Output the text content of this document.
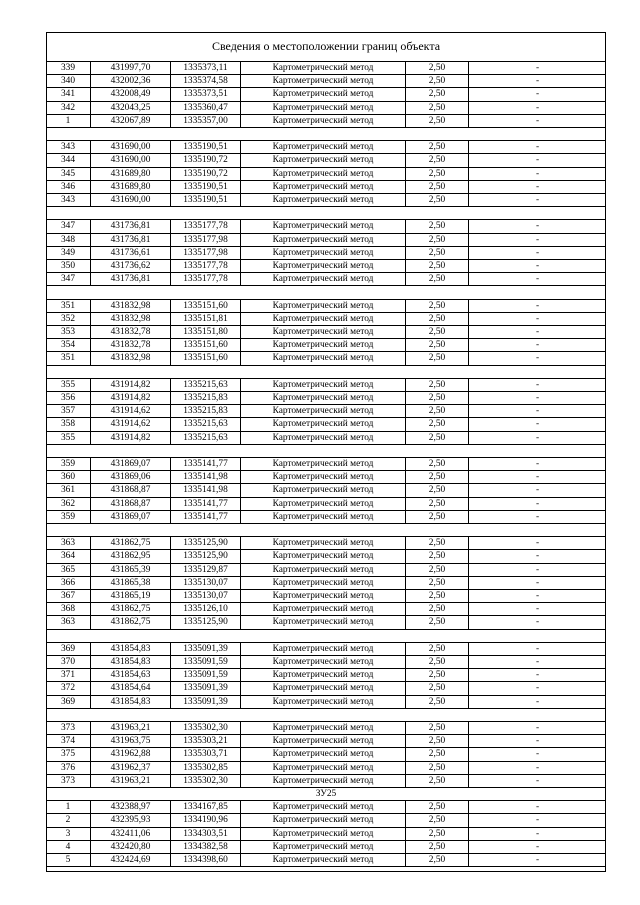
Сведения о местоположении границ объекта
339	431997,70	1335373,11	Картометрический метод	2,50	-
340	432002,36	1335374,58	Картометрический метод	2,50	-
341	432008,49	1335373,51	Картометрический метод	2,50	-
342	432043,25	1335360,47	Картометрический метод	2,50	-
1	432067,89	1335357,00	Картометрический метод	2,50	-
343	431690,00	1335190,51	Картометрический метод	2,50	-
344	431690,00	1335190,72	Картометрический метод	2,50	-
345	431689,80	1335190,72	Картометрический метод	2,50	-
346	431689,80	1335190,51	Картометрический метод	2,50	-
343	431690,00	1335190,51	Картометрический метод	2,50	-
347	431736,81	1335177,78	Картометрический метод	2,50	-
348	431736,81	1335177,98	Картометрический метод	2,50	-
349	431736,61	1335177,98	Картометрический метод	2,50	-
350	431736,62	1335177,78	Картометрический метод	2,50	-
347	431736,81	1335177,78	Картометрический метод	2,50	-
351	431832,98	1335151,60	Картометрический метод	2,50	-
352	431832,98	1335151,81	Картометрический метод	2,50	-
353	431832,78	1335151,80	Картометрический метод	2,50	-
354	431832,78	1335151,60	Картометрический метод	2,50	-
351	431832,98	1335151,60	Картометрический метод	2,50	-
355	431914,82	1335215,63	Картометрический метод	2,50	-
356	431914,82	1335215,83	Картометрический метод	2,50	-
357	431914,62	1335215,83	Картометрический метод	2,50	-
358	431914,62	1335215,63	Картометрический метод	2,50	-
355	431914,82	1335215,63	Картометрический метод	2,50	-
359	431869,07	1335141,77	Картометрический метод	2,50	-
360	431869,06	1335141,98	Картометрический метод	2,50	-
361	431868,87	1335141,98	Картометрический метод	2,50	-
362	431868,87	1335141,77	Картометрический метод	2,50	-
359	431869,07	1335141,77	Картометрический метод	2,50	-
363	431862,75	1335125,90	Картометрический метод	2,50	-
364	431862,95	1335125,90	Картометрический метод	2,50	-
365	431865,39	1335129,87	Картометрический метод	2,50	-
366	431865,38	1335130,07	Картометрический метод	2,50	-
367	431865,19	1335130,07	Картометрический метод	2,50	-
368	431862,75	1335126,10	Картометрический метод	2,50	-
363	431862,75	1335125,90	Картометрический метод	2,50	-
369	431854,83	1335091,39	Картометрический метод	2,50	-
370	431854,83	1335091,59	Картометрический метод	2,50	-
371	431854,63	1335091,59	Картометрический метод	2,50	-
372	431854,64	1335091,39	Картометрический метод	2,50	-
369	431854,83	1335091,39	Картометрический метод	2,50	-
373	431963,21	1335302,30	Картометрический метод	2,50	-
374	431963,75	1335303,21	Картометрический метод	2,50	-
375	431962,88	1335303,71	Картометрический метод	2,50	-
376	431962,37	1335302,85	Картометрический метод	2,50	-
373	431963,21	1335302,30	Картометрический метод	2,50	-
ЗУ25
1	432388,97	1334167,85	Картометрический метод	2,50	-
2	432395,93	1334190,96	Картометрический метод	2,50	-
3	432411,06	1334303,51	Картометрический метод	2,50	-
4	432420,80	1334382,58	Картометрический метод	2,50	-
5	432424,69	1334398,60	Картометрический метод	2,50	-
